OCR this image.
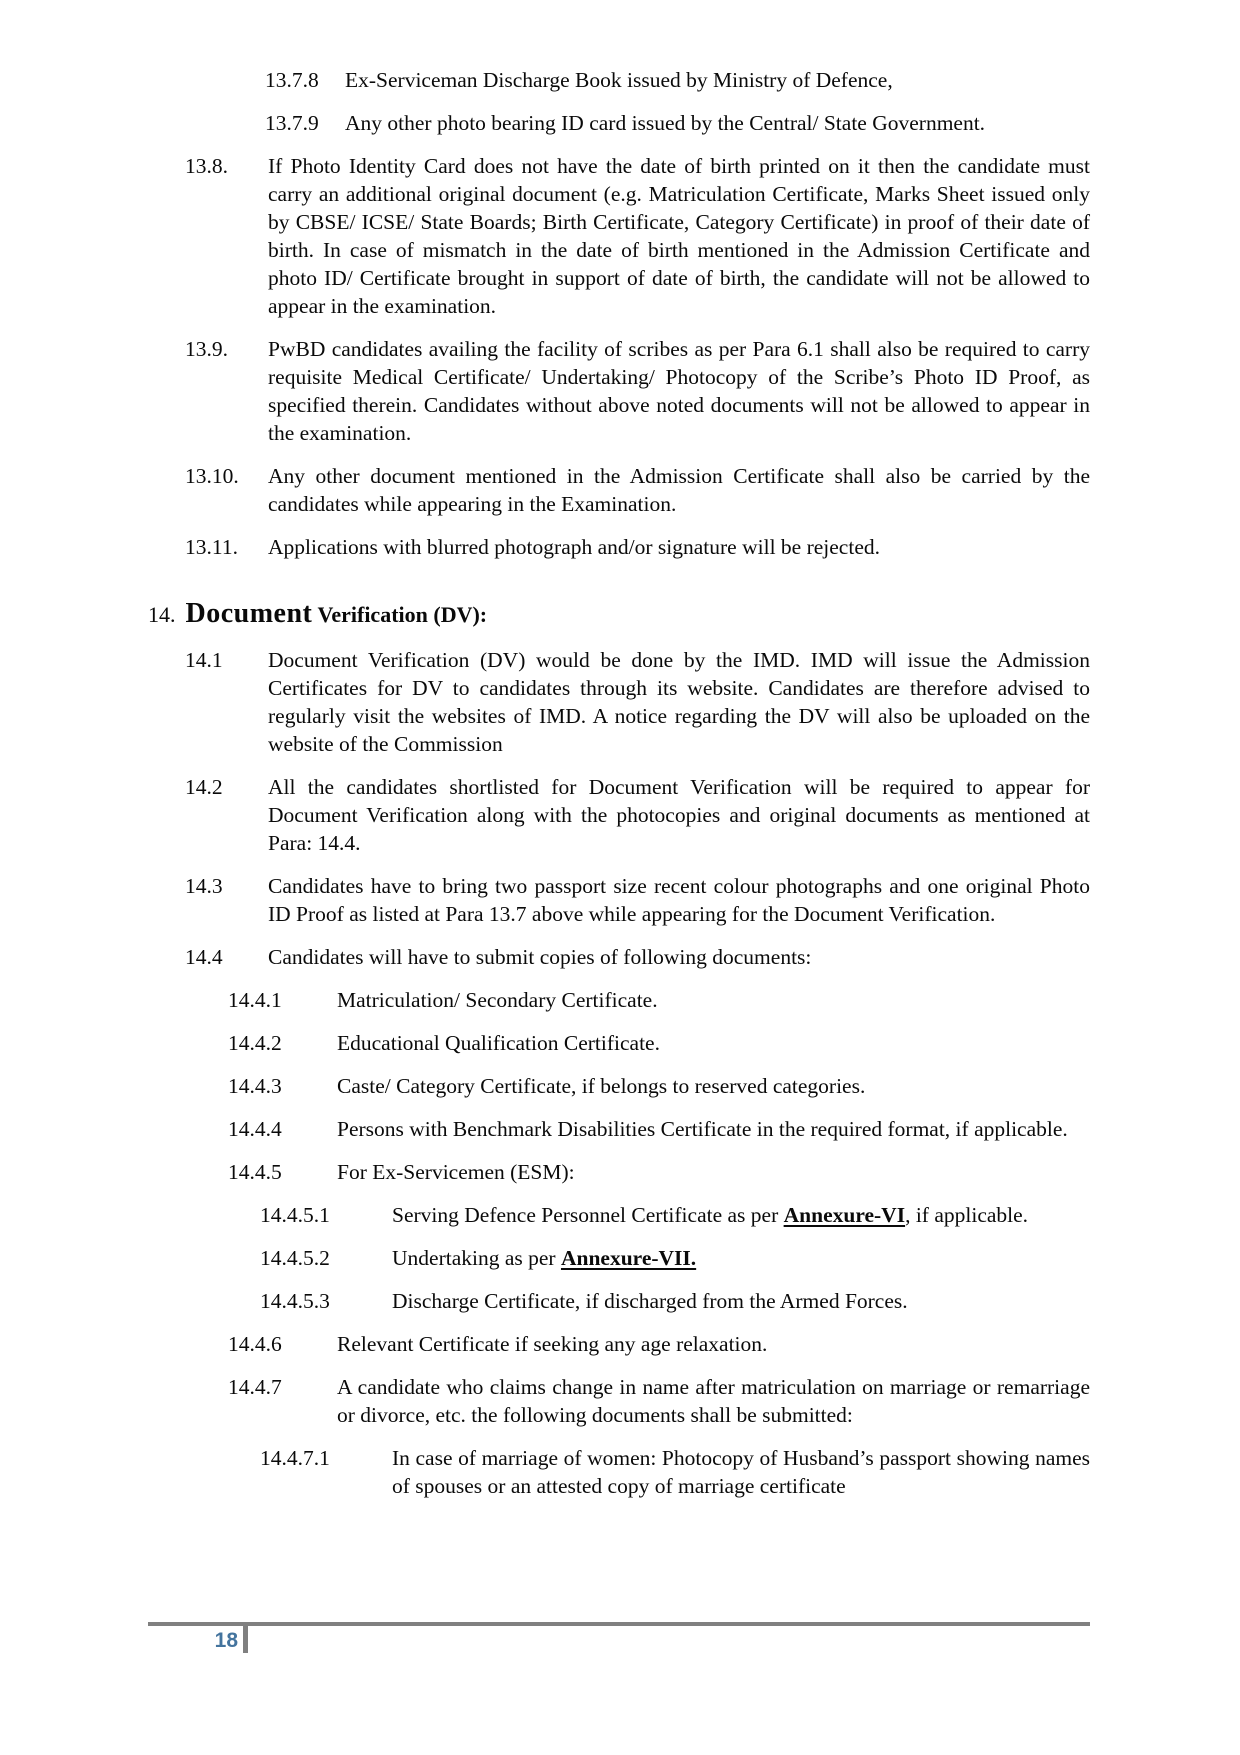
13.7.8 Ex-Serviceman Discharge Book issued by Ministry of Defence,
13.7.9 Any other photo bearing ID card issued by the Central/ State Government.
13.8. If Photo Identity Card does not have the date of birth printed on it then the candidate must carry an additional original document (e.g. Matriculation Certificate, Marks Sheet issued only by CBSE/ ICSE/ State Boards; Birth Certificate, Category Certificate) in proof of their date of birth. In case of mismatch in the date of birth mentioned in the Admission Certificate and photo ID/ Certificate brought in support of date of birth, the candidate will not be allowed to appear in the examination.
13.9. PwBD candidates availing the facility of scribes as per Para 6.1 shall also be required to carry requisite Medical Certificate/ Undertaking/ Photocopy of the Scribe’s Photo ID Proof, as specified therein. Candidates without above noted documents will not be allowed to appear in the examination.
13.10. Any other document mentioned in the Admission Certificate shall also be carried by the candidates while appearing in the Examination.
13.11. Applications with blurred photograph and/or signature will be rejected.
14. Document Verification (DV):
14.1 Document Verification (DV) would be done by the IMD. IMD will issue the Admission Certificates for DV to candidates through its website. Candidates are therefore advised to regularly visit the websites of IMD. A notice regarding the DV will also be uploaded on the website of the Commission
14.2 All the candidates shortlisted for Document Verification will be required to appear for Document Verification along with the photocopies and original documents as mentioned at Para: 14.4.
14.3 Candidates have to bring two passport size recent colour photographs and one original Photo ID Proof as listed at Para 13.7 above while appearing for the Document Verification.
14.4 Candidates will have to submit copies of following documents:
14.4.1	Matriculation/ Secondary Certificate.
14.4.2	Educational Qualification Certificate.
14.4.3	Caste/ Category Certificate, if belongs to reserved categories.
14.4.4	Persons with Benchmark Disabilities Certificate in the required format, if applicable.
14.4.5	For Ex-Servicemen (ESM):
14.4.5.1	Serving Defence Personnel Certificate as per Annexure-VI, if applicable.
14.4.5.2	Undertaking as per Annexure-VII.
14.4.5.3	Discharge Certificate, if discharged from the Armed Forces.
14.4.6	Relevant Certificate if seeking any age relaxation.
14.4.7	A candidate who claims change in name after matriculation on marriage or remarriage or divorce, etc. the following documents shall be submitted:
14.4.7.1	In case of marriage of women: Photocopy of Husband’s passport showing names of spouses or an attested copy of marriage certificate
18
